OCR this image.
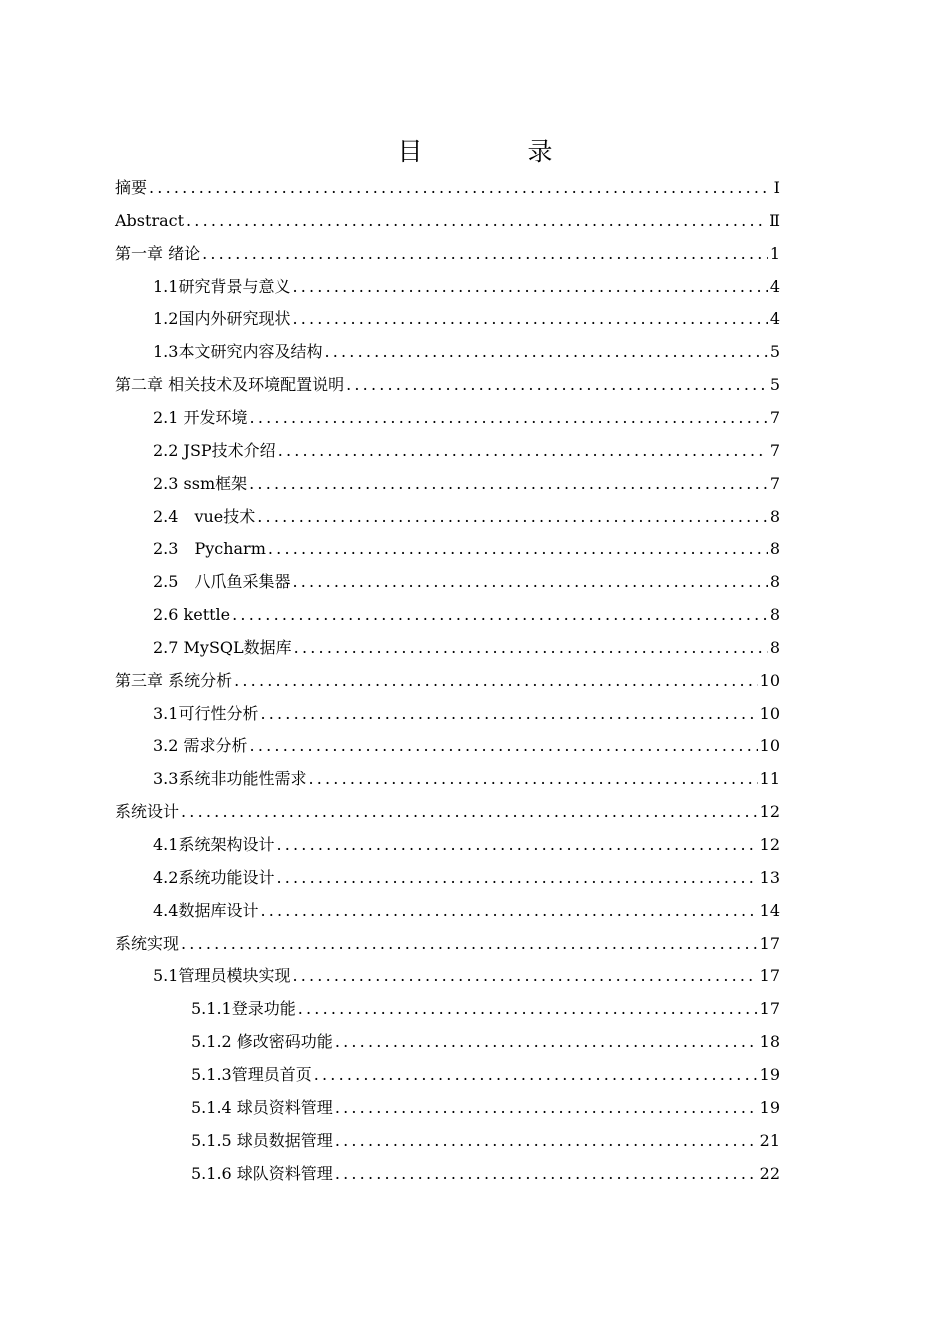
目　录
摘要 .....	Ⅰ
Abstract .....	Ⅱ
第一章 绪论 .....	1
1.1研究背景与意义 .....	4
1.2国内外研究现状 .....	4
1.3本文研究内容及结构 .....	5
第二章 相关技术及环境配置说明 .....	5
2.1 开发环境 .....	7
2.2 JSP技术介绍 .....	7
2.3 ssm框架 .....	7
2.4　vue技术 .....	8
2.3　Pycharm .....	8
2.5　八爪鱼采集器 .....	8
2.6 kettle .....	8
2.7 MySQL数据库 .....	8
第三章 系统分析 .....	10
3.1可行性分析 .....	10
3.2 需求分析 .....	10
3.3系统非功能性需求 .....	11
系统设计 .....	12
4.1系统架构设计 .....	12
4.2系统功能设计 .....	13
4.4数据库设计 .....	14
系统实现 .....	17
5.1管理员模块实现 .....	17
5.1.1登录功能 .....	17
5.1.2 修改密码功能 .....	18
5.1.3管理员首页 .....	19
5.1.4 球员资料管理 .....	19
5.1.5 球员数据管理 .....	21
5.1.6 球队资料管理 .....	22
